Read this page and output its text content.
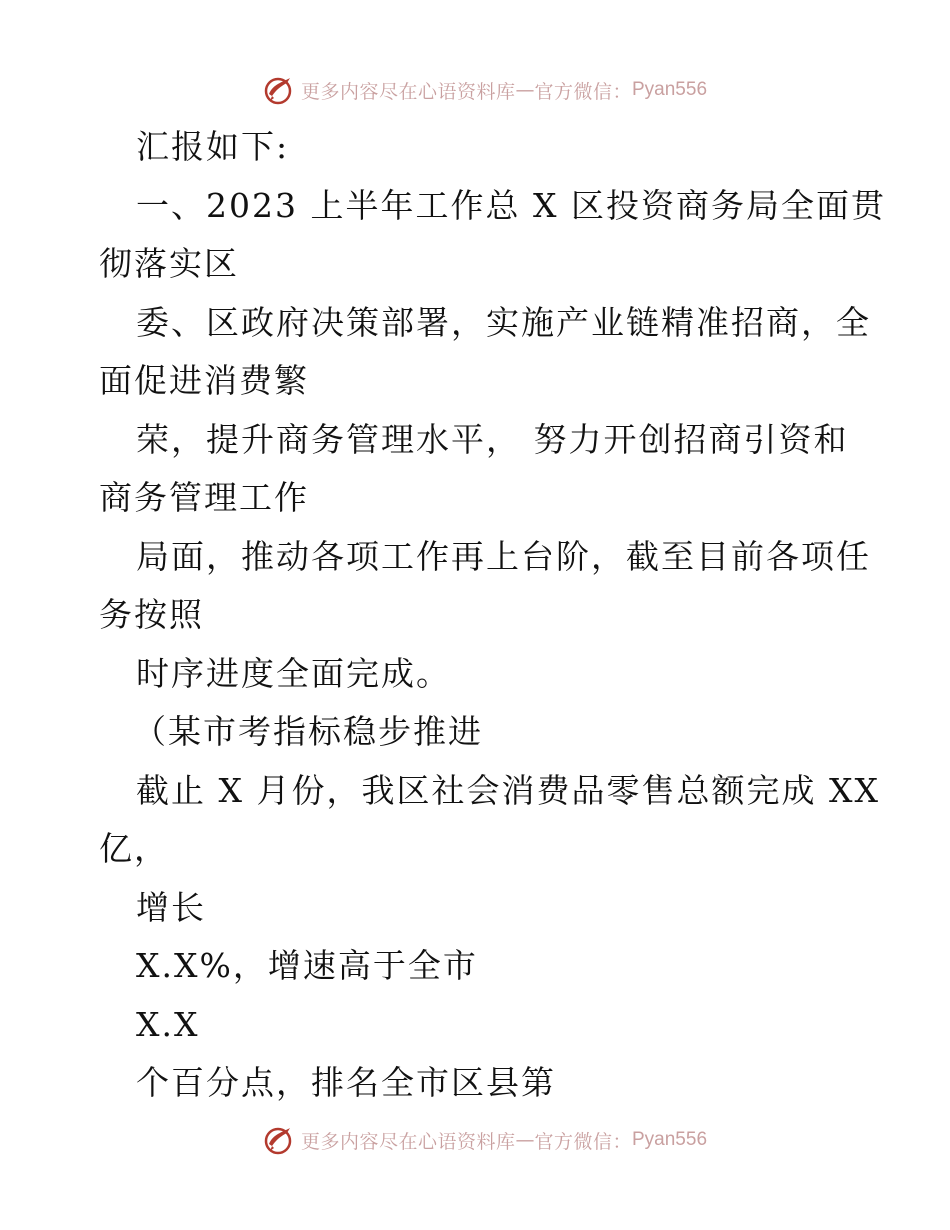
更多内容尽在心语资料库 — 官方微信： Pyan556
汇报如下:
一、2023 上半年工作总 X 区投资商务局全面贯
彻落实区
委、区政府决策部署，实施产业链精准招商，全
面促进消费繁
荣，提升商务管理水平， 努力开创招商引资和
商务管理工作
局面，推动各项工作再上台阶，截至目前各项任
务按照
时序进度全面完成。
（某市考指标稳步推进
截止 X 月份，我区社会消费品零售总额完成 XX
亿，
增长
X.X%，增速高于全市
X.X
个百分点，排名全市区县第
更多内容尽在心语资料库 — 官方微信： Pyan556
